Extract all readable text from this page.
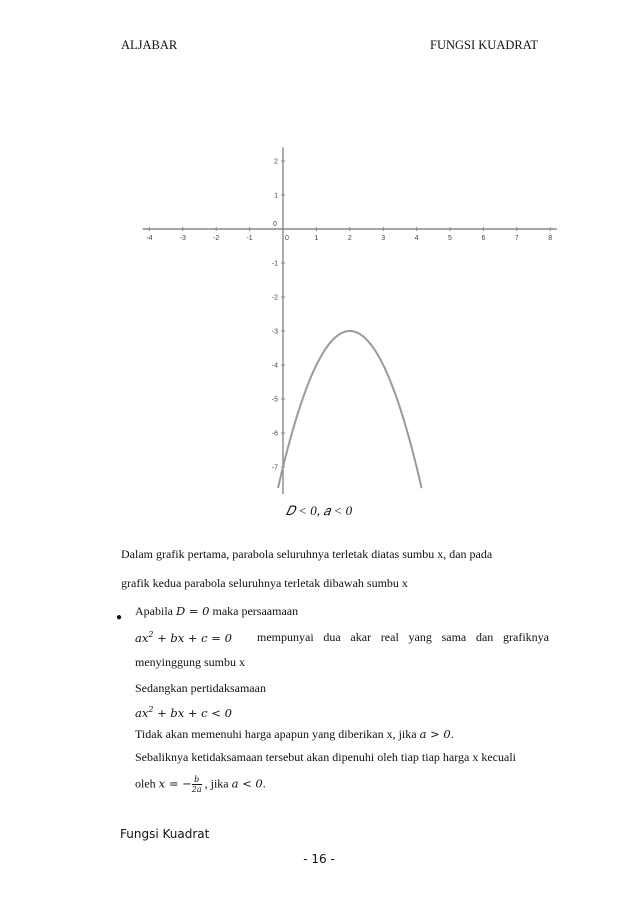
ALJABAR	FUNGSI KUADRAT
-4	-3	-2	-1	0	1	2	3	4	5	6	7	8
2
1
0
-1
-2
-3
-4
-5
-6
-7
𝐷 < 0, 𝑎 < 0
Dalam grafik pertama, parabola seluruhnya terletak diatas sumbu x, dan pada
grafik kedua parabola seluruhnya terletak dibawah sumbu x
● Apabila 𝐷 = 0 maka persaamaan
𝑎𝑥$^2$ + 𝑏𝑥 + 𝑐 = 0 mempunyai dua akar real yang sama dan grafiknya
menyinggung sumbu x
Sedangkan pertidaksamaan
𝑎𝑥$^2$ + 𝑏𝑥 + 𝑐 < 0
Tidak akan memenuhi harga apapun yang diberikan x, jika 𝑎 > 0.
Sebaliknya ketidaksamaan tersebut akan dipenuhi oleh tiap tiap harga x kecuali
oleh 𝑥 = − $\frac{\text{𝑏}}{\text{2𝑎}}$ , jika 𝑎 < 0.
Fungsi Kuadrat
- 16 -
